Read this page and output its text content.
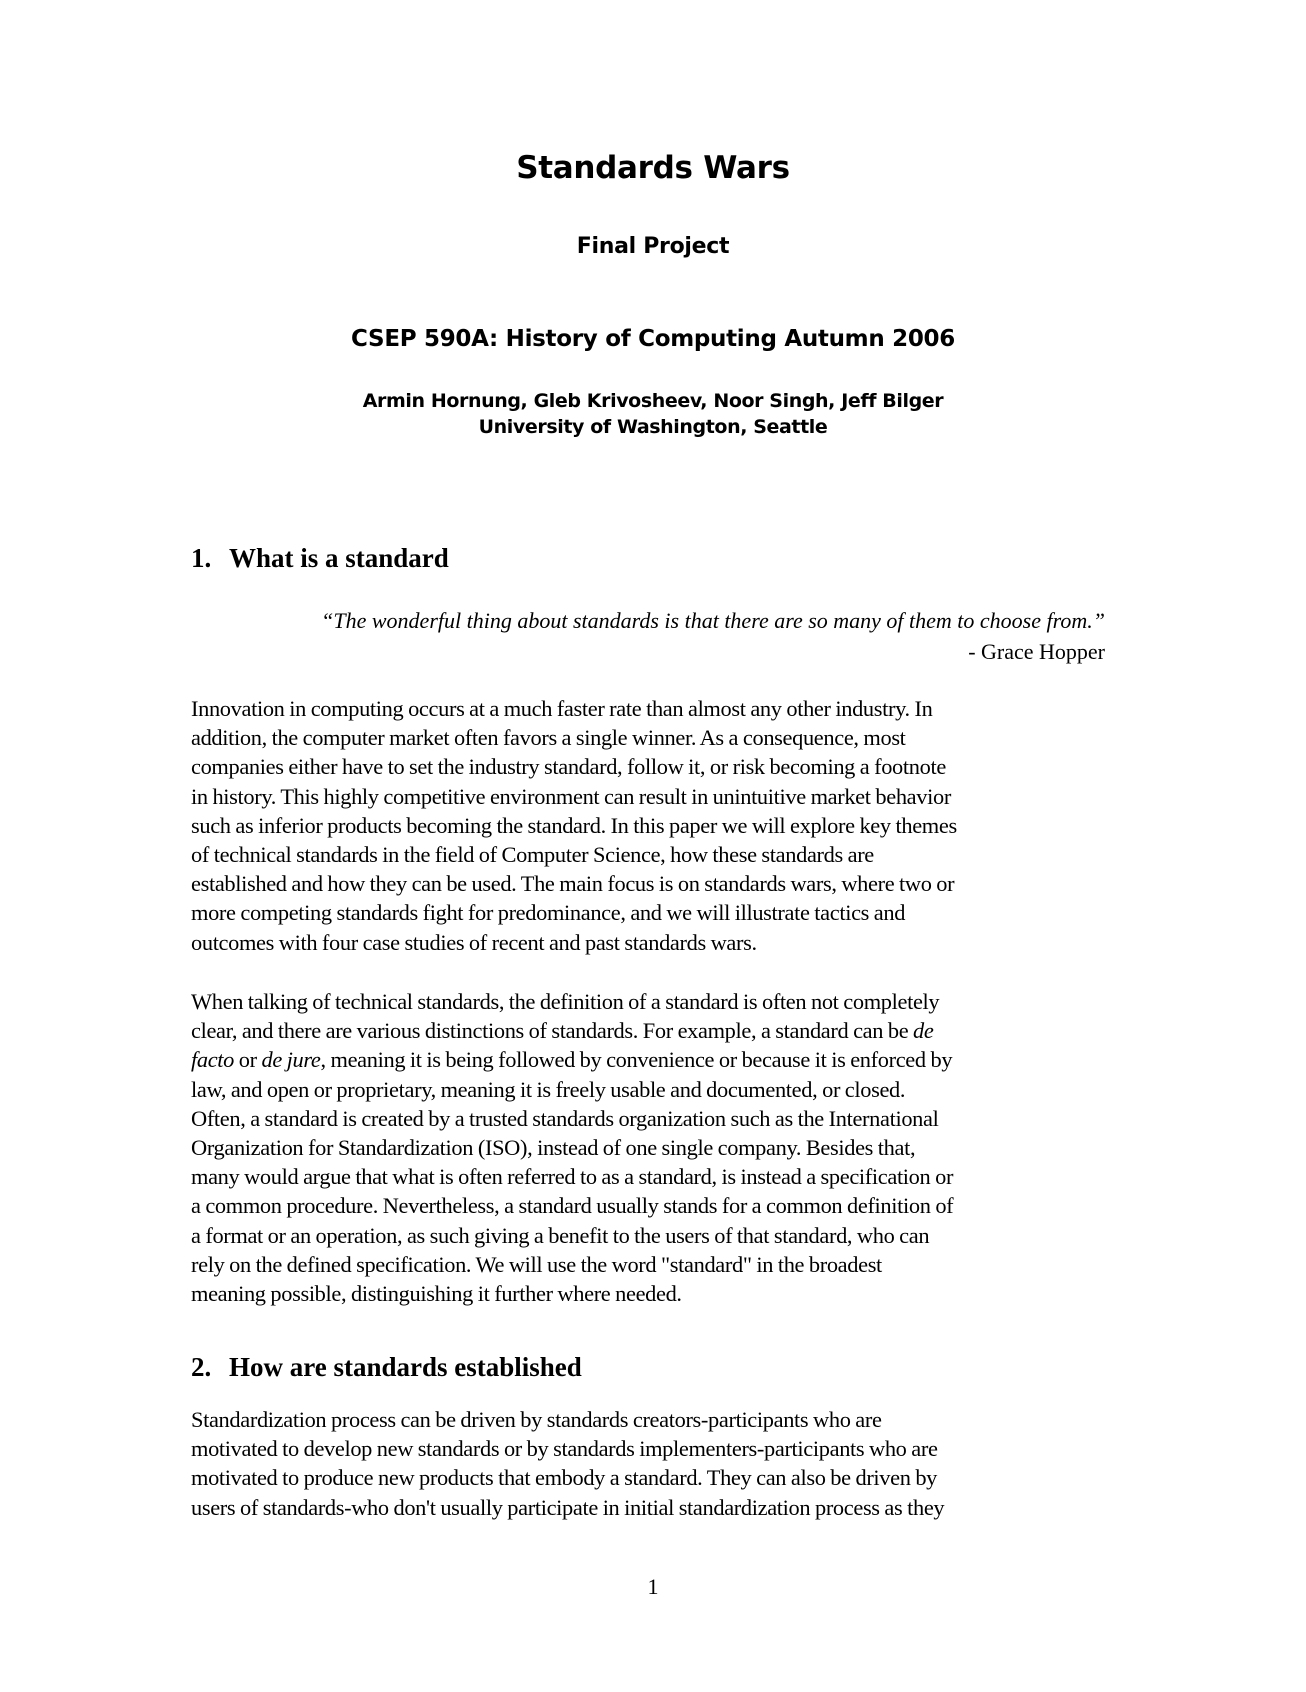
Standards Wars
Final Project
CSEP 590A: History of Computing Autumn 2006
Armin Hornung, Gleb Krivosheev, Noor Singh, Jeff Bilger
University of Washington, Seattle
1. What is a standard
“The wonderful thing about standards is that there are so many of them to choose from.”
- Grace Hopper
Innovation in computing occurs at a much faster rate than almost any other industry. In
addition, the computer market often favors a single winner. As a consequence, most
companies either have to set the industry standard, follow it, or risk becoming a footnote
in history. This highly competitive environment can result in unintuitive market behavior
such as inferior products becoming the standard. In this paper we will explore key themes
of technical standards in the field of Computer Science, how these standards are
established and how they can be used. The main focus is on standards wars, where two or
more competing standards fight for predominance, and we will illustrate tactics and
outcomes with four case studies of recent and past standards wars.
When talking of technical standards, the definition of a standard is often not completely
clear, and there are various distinctions of standards. For example, a standard can be de
facto or de jure, meaning it is being followed by convenience or because it is enforced by
law, and open or proprietary, meaning it is freely usable and documented, or closed.
Often, a standard is created by a trusted standards organization such as the International
Organization for Standardization (ISO), instead of one single company. Besides that,
many would argue that what is often referred to as a standard, is instead a specification or
a common procedure. Nevertheless, a standard usually stands for a common definition of
a format or an operation, as such giving a benefit to the users of that standard, who can
rely on the defined specification. We will use the word "standard" in the broadest
meaning possible, distinguishing it further where needed.
2. How are standards established
Standardization process can be driven by standards creators-participants who are
motivated to develop new standards or by standards implementers-participants who are
motivated to produce new products that embody a standard. They can also be driven by
users of standards-who don't usually participate in initial standardization process as they
1
